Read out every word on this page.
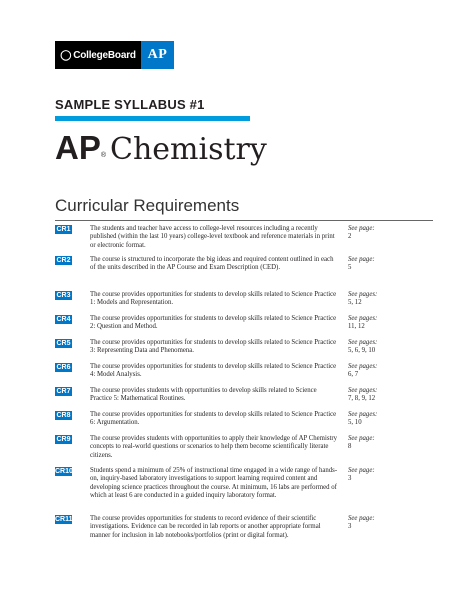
◯ CollegeBoard AP
SAMPLE SYLLABUS #1
AP® Chemistry
Curricular Requirements
CR1	The students and teacher have access to college-level resources including a recently published (within the last 10 years) college-level textbook and reference materials in print or electronic format.
See page:
2
CR2	The course is structured to incorporate the big ideas and required content outlined in each of the units described in the AP Course and Exam Description (CED).
See page:
5
CR3	The course provides opportunities for students to develop skills related to Science Practice 1: Models and Representation.
See pages:
5, 12
CR4	The course provides opportunities for students to develop skills related to Science Practice 2: Question and Method.
See pages:
11, 12
CR5	The course provides opportunities for students to develop skills related to Science Practice 3: Representing Data and Phenomena.
See pages:
5, 6, 9, 10
CR6	The course provides opportunities for students to develop skills related to Science Practice 4: Model Analysis.
See pages:
6, 7
CR7	The course provides students with opportunities to develop skills related to Science Practice 5: Mathematical Routines.
See pages:
7, 8, 9, 12
CR8	The course provides opportunities for students to develop skills related to Science Practice 6: Argumentation.
See pages:
5, 10
CR9	The course provides students with opportunities to apply their knowledge of AP Chemistry concepts to real-world questions or scenarios to help them become scientifically literate citizens.
See page:
8
CR10	Students spend a minimum of 25% of instructional time engaged in a wide range of hands-on, inquiry-based laboratory investigations to support learning required content and developing science practices throughout the course. At minimum, 16 labs are performed of which at least 6 are conducted in a guided inquiry laboratory format.
See page:
3
CR11	The course provides opportunities for students to record evidence of their scientific investigations. Evidence can be recorded in lab reports or another appropriate formal manner for inclusion in lab notebooks/portfolios (print or digital format).
See page:
3
